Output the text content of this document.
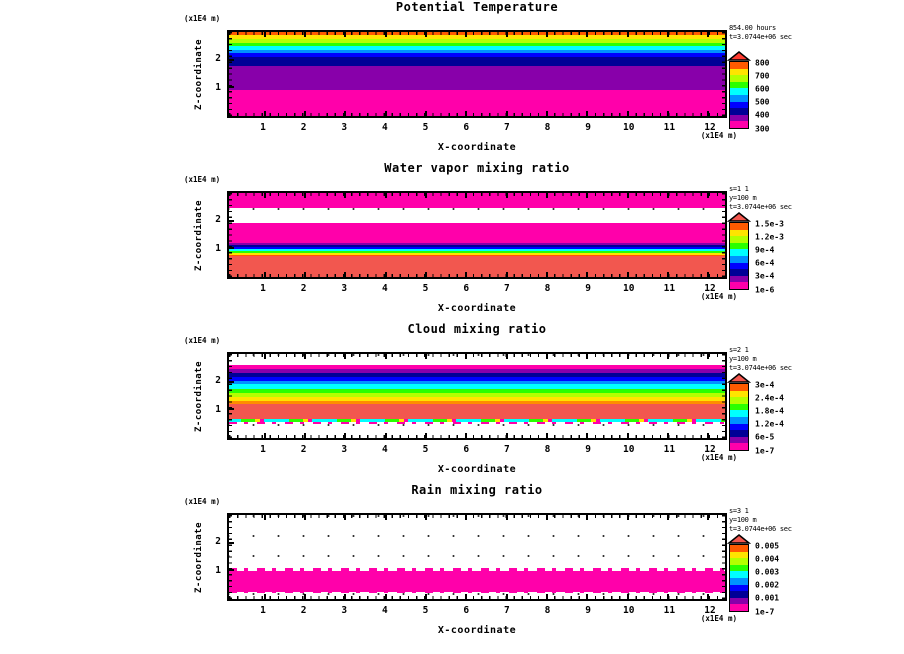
Potential Temperature
(x1E4 m)
Z-coordinate 2
1
1	2	3	4	5	6	7	8	9	10	11	12
(x1E4 m)
X-coordinate
854.00 hours
t=3.0744e+06 sec
800
700
600
500
400
300
Water vapor mixing ratio
(x1E4 m)
Z-coordinate 2
1
1	2	3	4	5	6	7	8	9	10	11	12
(x1E4 m)
X-coordinate
s=1 1
y=100 m
t=3.0744e+06 sec
1.5e-3
1.2e-3
9e-4
6e-4
3e-4
1e-6
Cloud mixing ratio
(x1E4 m)
Z-coordinate 2
1
1	2	3	4	5	6	7	8	9	10	11	12
(x1E4 m)
X-coordinate
s=2 1
y=100 m
t=3.0744e+06 sec
3e-4
2.4e-4
1.8e-4
1.2e-4
6e-5
1e-7
Rain mixing ratio
(x1E4 m)
Z-coordinate 2
1
1	2	3	4	5	6	7	8	9	10	11	12
(x1E4 m)
X-coordinate
s=3 1
y=100 m
t=3.0744e+06 sec
0.005
0.004
0.003
0.002
0.001
1e-7
